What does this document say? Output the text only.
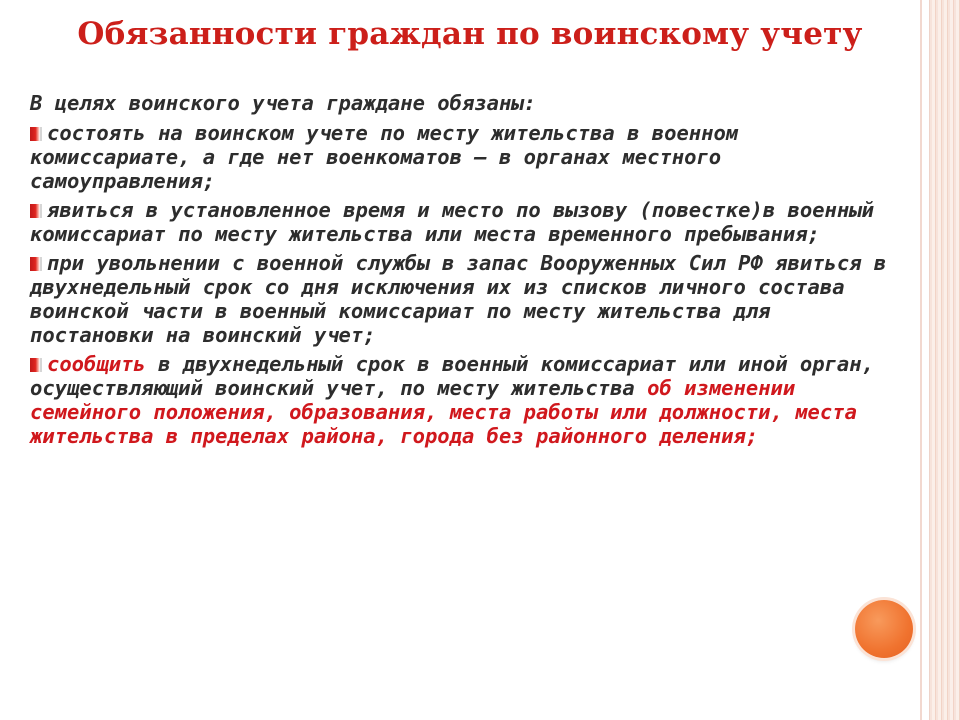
Обязанности граждан по воинскому учету
В целях воинского учета граждане обязаны:
состоять на воинском учете по месту жительства в военном комиссариате, а где нет военкоматов — в органах местного самоуправления;
явиться в установленное время и место по вызову (повестке)в военный комиссариат по месту жительства или места временного пребывания;
при увольнении с военной службы в запас Вооруженных Сил РФ явиться в двухнедельный срок со дня исключения их из списков личного состава воинской части в военный комиссариат по месту жительства для постановки на воинский учет;
сообщить в двухнедельный срок в военный комиссариат или иной орган, осуществляющий воинский учет, по месту жительства об изменении семейного положения, образования, места работы или должности, места жительства в пределах района, города без районного деления;
